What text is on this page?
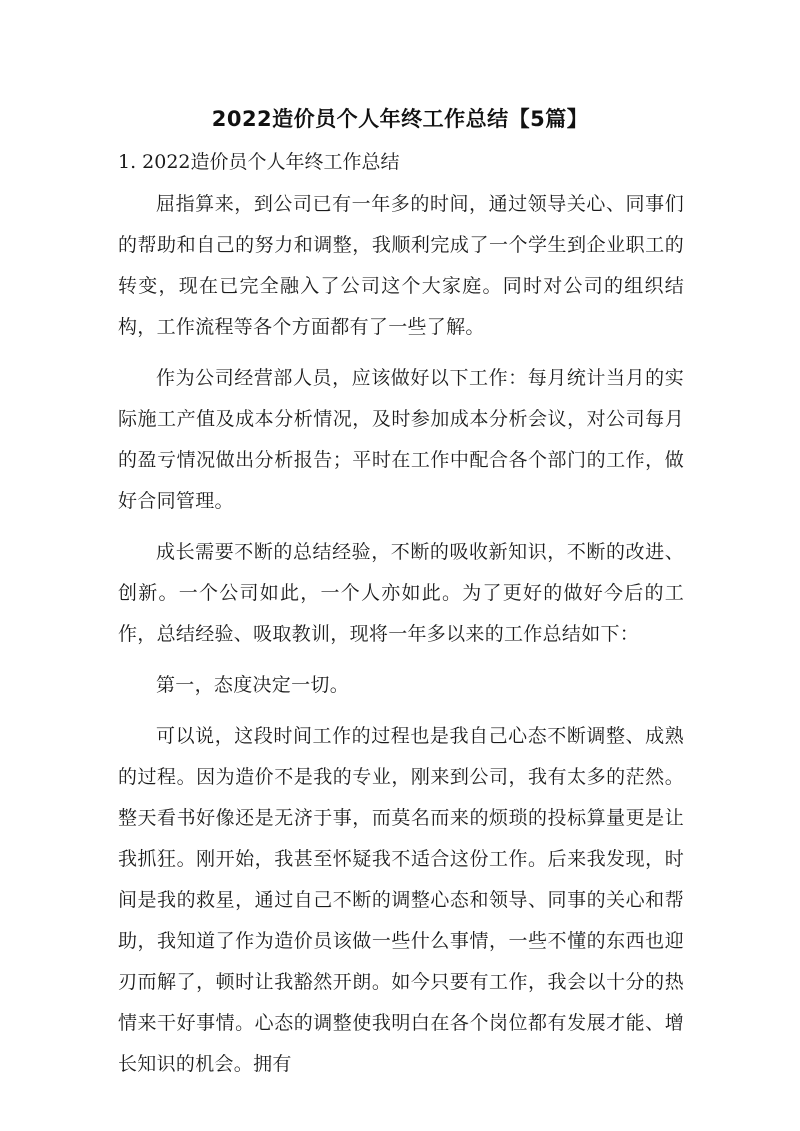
2022造价员个人年终工作总结【5篇】
1. 2022造价员个人年终工作总结

屈指算来，到公司已有一年多的时间，通过领导关心、同事们的帮助和自己的努力和调整，我顺利完成了一个学生到企业职工的转变，现在已完全融入了公司这个大家庭。同时对公司的组织结构，工作流程等各个方面都有了一些了解。

作为公司经营部人员，应该做好以下工作：每月统计当月的实际施工产值及成本分析情况，及时参加成本分析会议，对公司每月的盈亏情况做出分析报告；平时在工作中配合各个部门的工作，做好合同管理。

成长需要不断的总结经验，不断的吸收新知识，不断的改进、创新。一个公司如此，一个人亦如此。为了更好的做好今后的工作，总结经验、吸取教训，现将一年多以来的工作总结如下：

第一，态度决定一切。

可以说，这段时间工作的过程也是我自己心态不断调整、成熟的过程。因为造价不是我的专业，刚来到公司，我有太多的茫然。整天看书好像还是无济于事，而莫名而来的烦琐的投标算量更是让我抓狂。刚开始，我甚至怀疑我不适合这份工作。后来我发现，时间是我的救星，通过自己不断的调整心态和领导、同事的关心和帮助，我知道了作为造价员该做一些什么事情，一些不懂的东西也迎刃而解了，顿时让我豁然开朗。如今只要有工作，我会以十分的热情来干好事情。心态的调整使我明白在各个岗位都有发展才能、增长知识的机会。拥有
